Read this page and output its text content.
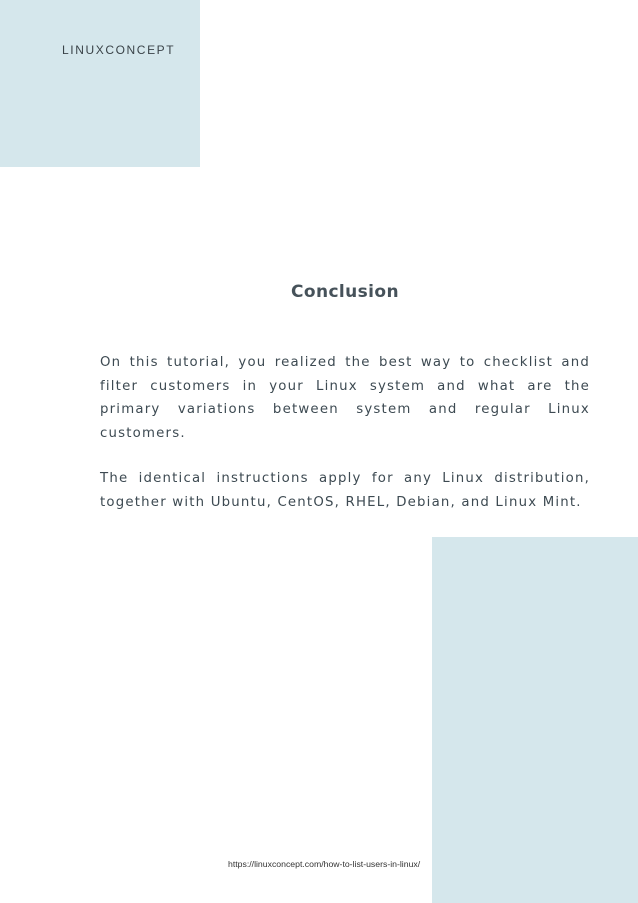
LINUXCONCEPT
Conclusion

On this tutorial, you realized the best way to checklist and filter customers in your Linux system and what are the primary variations between system and regular Linux customers.

The identical instructions apply for any Linux distribution, together with Ubuntu, CentOS, RHEL, Debian, and Linux Mint.

https://linuxconcept.com/how-to-list-users-in-linux/
